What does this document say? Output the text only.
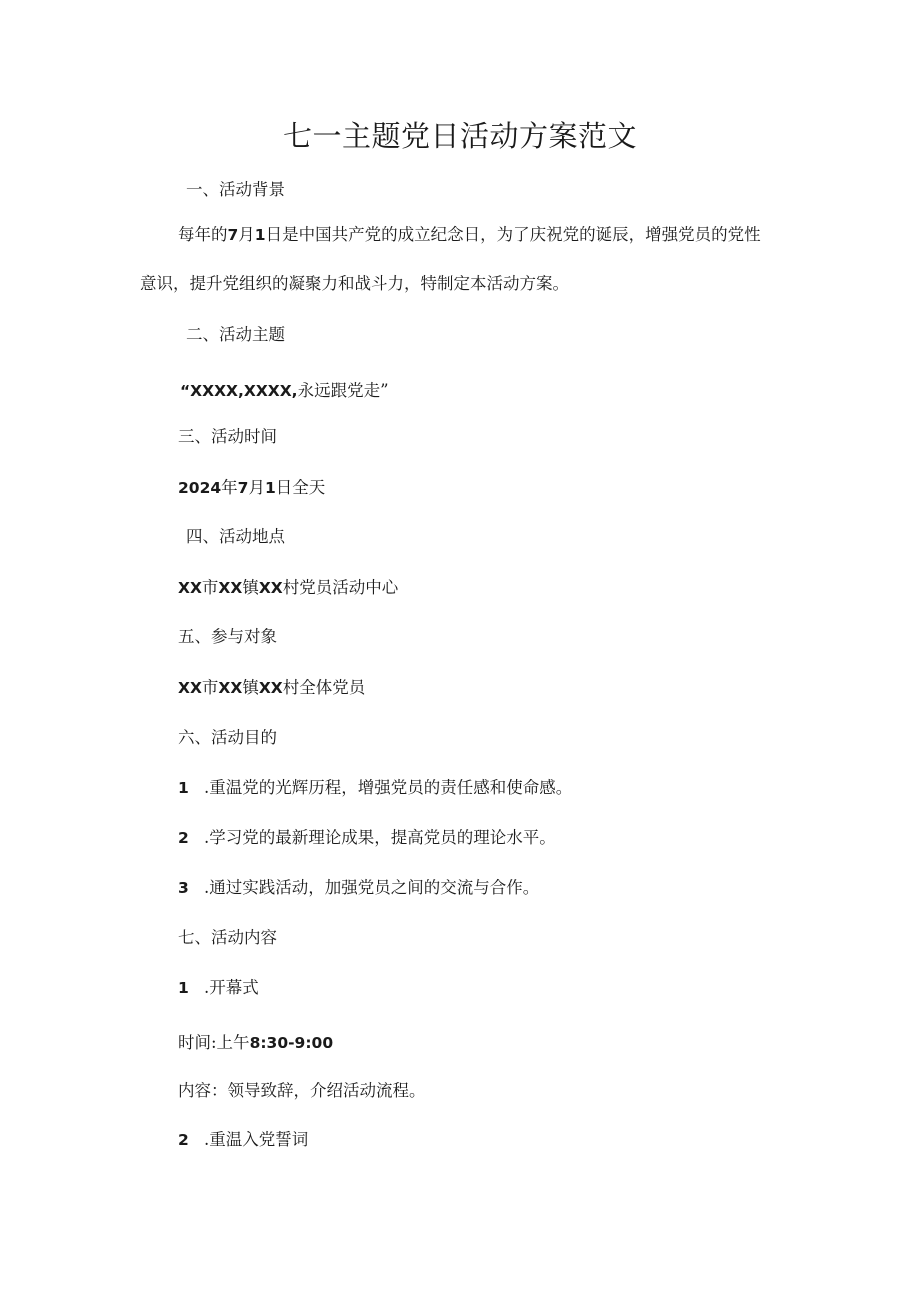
七一主题党日活动方案范文
一、活动背景
每年的7月1日是中国共产党的成立纪念日，为了庆祝党的诞辰，增强党员的党性
意识，提升党组织的凝聚力和战斗力，特制定本活动方案。
二、活动主题
“XXXX,XXXX,永远跟党走”
三、活动时间
2024年7月1日全天
四、活动地点
XX市XX镇XX村党员活动中心
五、参与对象
XX市XX镇XX村全体党员
六、活动目的
1 .重温党的光辉历程，增强党员的责任感和使命感。
2 .学习党的最新理论成果，提高党员的理论水平。
3 .通过实践活动，加强党员之间的交流与合作。
七、活动内容
1 .开幕式
时间:上午8:30-9:00
内容：领导致辞，介绍活动流程。
2 .重温入党誓词
